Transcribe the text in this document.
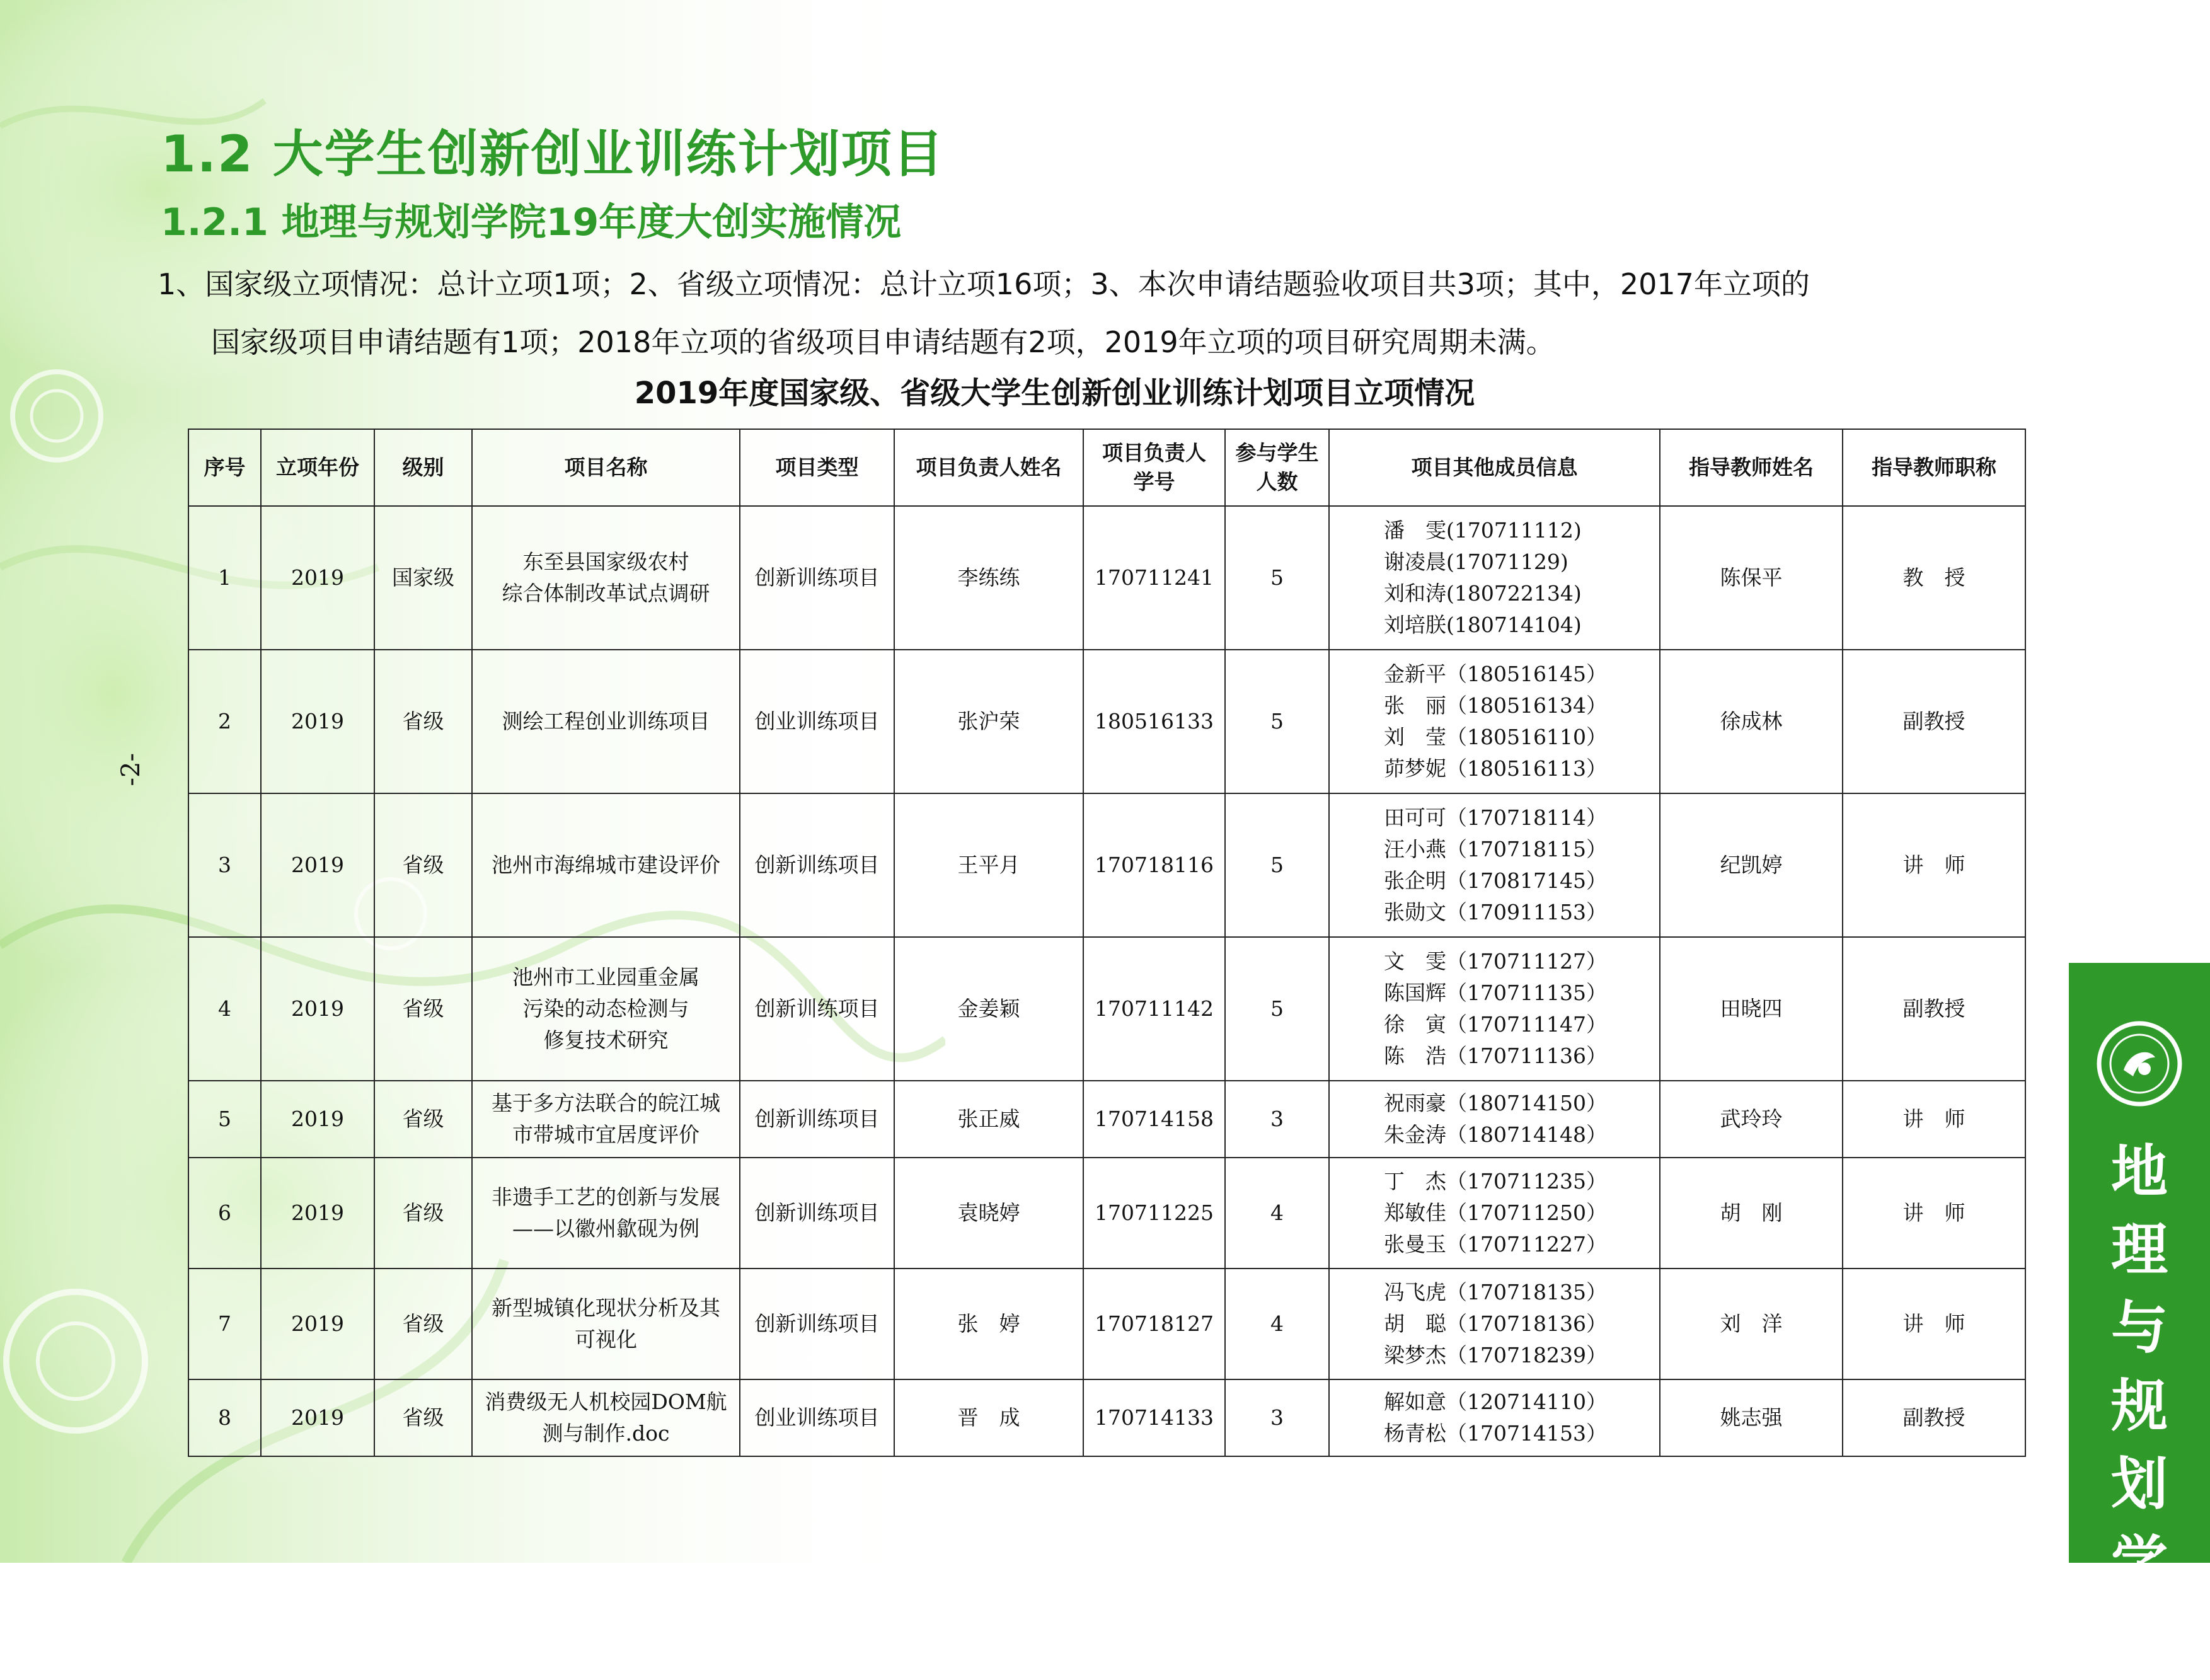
1.2 大学生创新创业训练计划项目
1.2.1 地理与规划学院19年度大创实施情况
1、国家级立项情况：总计立项1项；2、省级立项情况：总计立项16项；3、本次申请结题验收项目共3项；其中，2017年立项的
国家级项目申请结题有1项；2018年立项的省级项目申请结题有2项，2019年立项的项目研究周期未满。
2019年度国家级、省级大学生创新创业训练计划项目立项情况
序号	立项年份	级别	项目名称	项目类型	项目负责人姓名	项目负责人
学号	参与学生
人数	项目其他成员信息	指导教师姓名	指导教师职称

1	2019	国家级	东至县国家级农村
综合体制改革试点调研	创新训练项目	李练练	170711241	5	潘　雯(170711112)
谢凌晨(17071129)
刘和涛(180722134)
刘培朕(180714104)	陈保平	教　授
2	2019	省级	测绘工程创业训练项目	创业训练项目	张沪荣	180516133	5	金新平（180516145）
张　丽（180516134）
刘　莹（180516110）
茆梦妮（180516113）	徐成林	副教授
3	2019	省级	池州市海绵城市建设评价	创新训练项目	王平月	170718116	5	田可可（170718114）
汪小燕（170718115）
张企明（170817145）
张勋文（170911153）	纪凯婷	讲　师
4	2019	省级	池州市工业园重金属
污染的动态检测与
修复技术研究	创新训练项目	金姜颖	170711142	5	文　雯（170711127）
陈国辉（170711135）
徐　寅（170711147）
陈　浩（170711136）	田晓四	副教授
5	2019	省级	基于多方法联合的皖江城
市带城市宜居度评价	创新训练项目	张正威	170714158	3	祝雨豪（180714150）
朱金涛（180714148）	武玲玲	讲　师
6	2019	省级	非遗手工艺的创新与发展
——以徽州歙砚为例	创新训练项目	袁晓婷	170711225	4	丁　杰（170711235）
郑敏佳（170711250）
张曼玉（170711227）	胡　刚	讲　师
7	2019	省级	新型城镇化现状分析及其
可视化	创新训练项目	张　婷	170718127	4	冯飞虎（170718135）
胡　聪（170718136）
梁梦杰（170718239）	刘　洋	讲　师
8	2019	省级	消费级无人机校园DOM航
测与制作.doc	创业训练项目	晋　成	170714133	3	解如意（120714110）
杨青松（170714153）	姚志强	副教授
-2-
地
理
与
规
划
学
院
